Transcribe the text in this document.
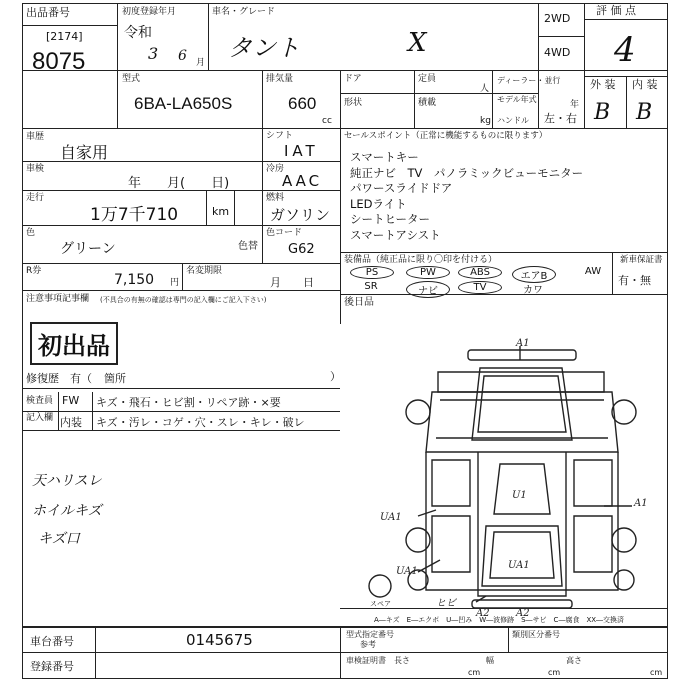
出品番号
[2174]
8075
初度登録年月
令和
3 6 月
車名・グレード
タント	X
2WD
4WD
評 価 点
4
型式
6BA-LA650S
排気量
660
cc
ドア
形状
定員
人
積載
kg
ディーラー・並行
モデル年式
年
ハンドル 左・右
外 装 内 装
B B
車歴
自家用
車検
年　　月(　　日)
走行
1万7千710	km
色
グリーン	色替
シフト
IAT
冷房
AAC
燃料
ガソリン
色コード
G62
R券
7,150 円
名変期限
月　　日
セールスポイント（正常に機能するものに限ります）
スマートキー
純正ナビ　TV　パノラミックビューモニター
パワースライドドア
LEDライト
シートヒーター
スマートアシスト
装備品（純正品に限り〇印を付ける）
PS	PW	ABS	エアB	AW
SR	ナビ	TV	カワ
新車保証書
有・無
後日品
注意事項記事欄 (不具合の有無の確認は専門の記入欄にご記入下さい)
初出品
修復歴　有（ 箇所	）
検査員
記入欄
FW キズ・飛石・ヒビ割・リペア跡・×要
内装 キズ・汚レ・コゲ・穴・スレ・キレ・破レ
天ハリスレ
ホイルキズ
キズ口
A1
A1
U1
UA1
UA1
UA1
スペア	ヒビ
A2	A2
A―キズ　E―エクボ　U―凹み　W―波修跡　S―サビ　C―腐食　XX―交換済
車台番号	0145675
登録番号
型式指定番号
参考
類別区分番号
車検証明書 長さ
cm
幅
cm
高さ
cm
